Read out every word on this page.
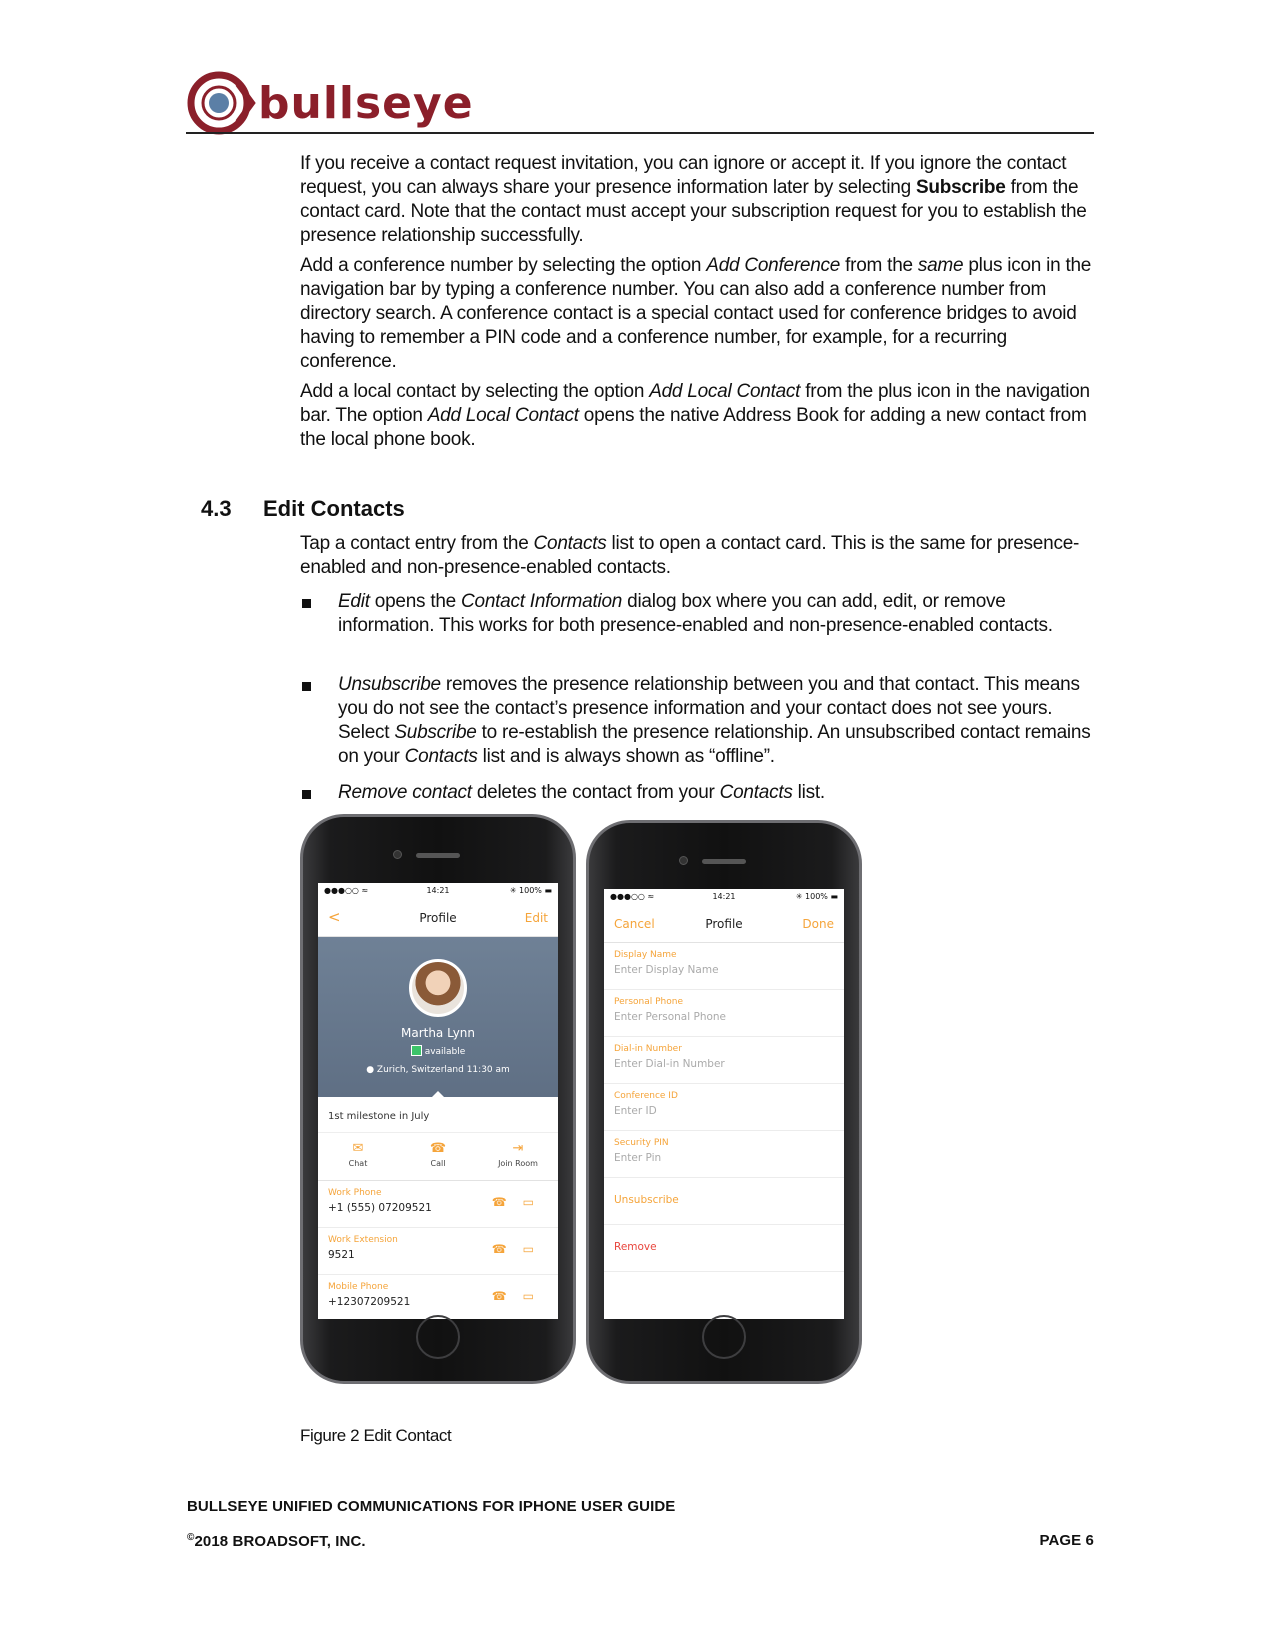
bullseye

If you receive a contact request invitation, you can ignore or accept it. If you ignore the contact request, you can always share your presence information later by selecting Subscribe from the contact card. Note that the contact must accept your subscription request for you to establish the presence relationship successfully.

Add a conference number by selecting the option Add Conference from the same plus icon in the navigation bar by typing a conference number. You can also add a conference number from directory search. A conference contact is a special contact used for conference bridges to avoid having to remember a PIN code and a conference number, for example, for a recurring conference.

Add a local contact by selecting the option Add Local Contact from the plus icon in the navigation bar. The option Add Local Contact opens the native Address Book for adding a new contact from the local phone book.

4.3 Edit Contacts

Tap a contact entry from the Contacts list to open a contact card. This is the same for presence-enabled and non-presence-enabled contacts.

Edit opens the Contact Information dialog box where you can add, edit, or remove information. This works for both presence-enabled and non-presence-enabled contacts.
Unsubscribe removes the presence relationship between you and that contact. This means you do not see the contact’s presence information and your contact does not see yours. Select Subscribe to re-establish the presence relationship. An unsubscribed contact remains on your Contacts list and is always shown as “offline”.
Remove contact deletes the contact from your Contacts list.
●●●○○ ≈	14:21	✳ 100% ▬
<	Profile	Edit
Martha Lynn
available
● Zurich, Switzerland 11:30 am
1st milestone in July
✉
Chat
☎
Call
⇥
Join Room
Work Phone
+1 (555) 07209521	☎▭
Work Extension
9521	☎▭
Mobile Phone
+12307209521	☎▭
●●●○○ ≈	14:21	✳ 100% ▬
Cancel	Profile	Done
Display Name
Enter Display Name
Personal Phone
Enter Personal Phone
Dial-in Number
Enter Dial-in Number
Conference ID
Enter ID
Security PIN
Enter Pin
Unsubscribe
Remove
Figure 2 Edit Contact
BULLSEYE UNIFIED COMMUNICATIONS FOR IPHONE USER GUIDE
©2018 BROADSOFT, INC.	PAGE 6
